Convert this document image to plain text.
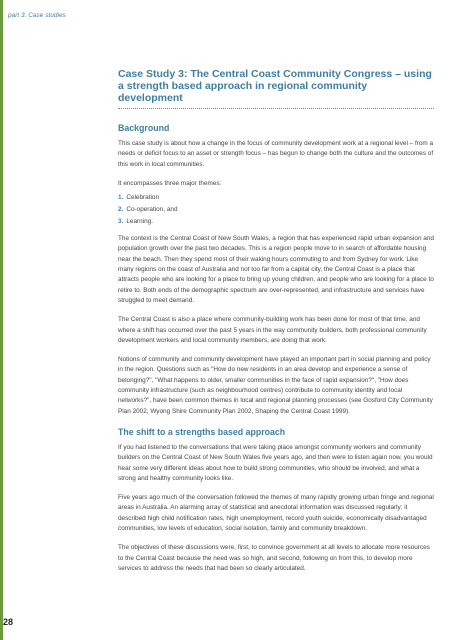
part 3. Case studies
28
Case Study 3: The Central Coast Community Congress – using a strength based approach in regional community development
Background

This case study is about how a change in the focus of community development work at a regional level – from a needs or deficit focus to an asset or strength focus – has begun to change both the culture and the outcomes of this work in local communities.

It encompasses three major themes:

1. Celebration
2. Co-operation, and
3. Learning.

The context is the Central Coast of New South Wales, a region that has experienced rapid urban expansion and population growth over the past two decades. This is a region people move to in search of affordable housing near the beach. Then they spend most of their waking hours commuting to and from Sydney for work. Like many regions on the coast of Australia and not too far from a capital city, the Central Coast is a place that attracts people who are looking for a place to bring up young children, and people who are looking for a place to retire to. Both ends of the demographic spectrum are over-represented, and infrastructure and services have struggled to meet demand.

The Central Coast is also a place where community-building work has been done for most of that time, and where a shift has occurred over the past 5 years in the way community builders, both professional community development workers and local community members, are doing that work.

Notions of community and community development have played an important part in social planning and policy in the region. Questions such as "How do new residents in an area develop and experience a sense of belonging?", "What happens to older, smaller communities in the face of rapid expansion?", "How does community infrastructure (such as neighbourhood centres) contribute to community identity and local networks?", have been common themes in local and regional planning processes (see Gosford City Community Plan 2002, Wyong Shire Community Plan 2002, Shaping the Central Coast 1999).

The shift to a strengths based approach

If you had listened to the conversations that were taking place amongst community workers and community builders on the Central Coast of New South Wales five years ago, and then were to listen again now, you would hear some very different ideas about how to build strong communities, who should be involved, and what a strong and healthy community looks like.

Five years ago much of the conversation followed the themes of many rapidly growing urban fringe and regional areas in Australia. An alarming array of statistical and anecdotal information was discussed regularly: it described high child notification rates, high unemployment, record youth suicide, economically disadvantaged communities, low levels of education, social isolation, family and community breakdown.

The objectives of these discussions were, first, to convince government at all levels to allocate more resources to the Central Coast because the need was so high, and second, following on from this, to develop more services to address the needs that had been so clearly articulated.
